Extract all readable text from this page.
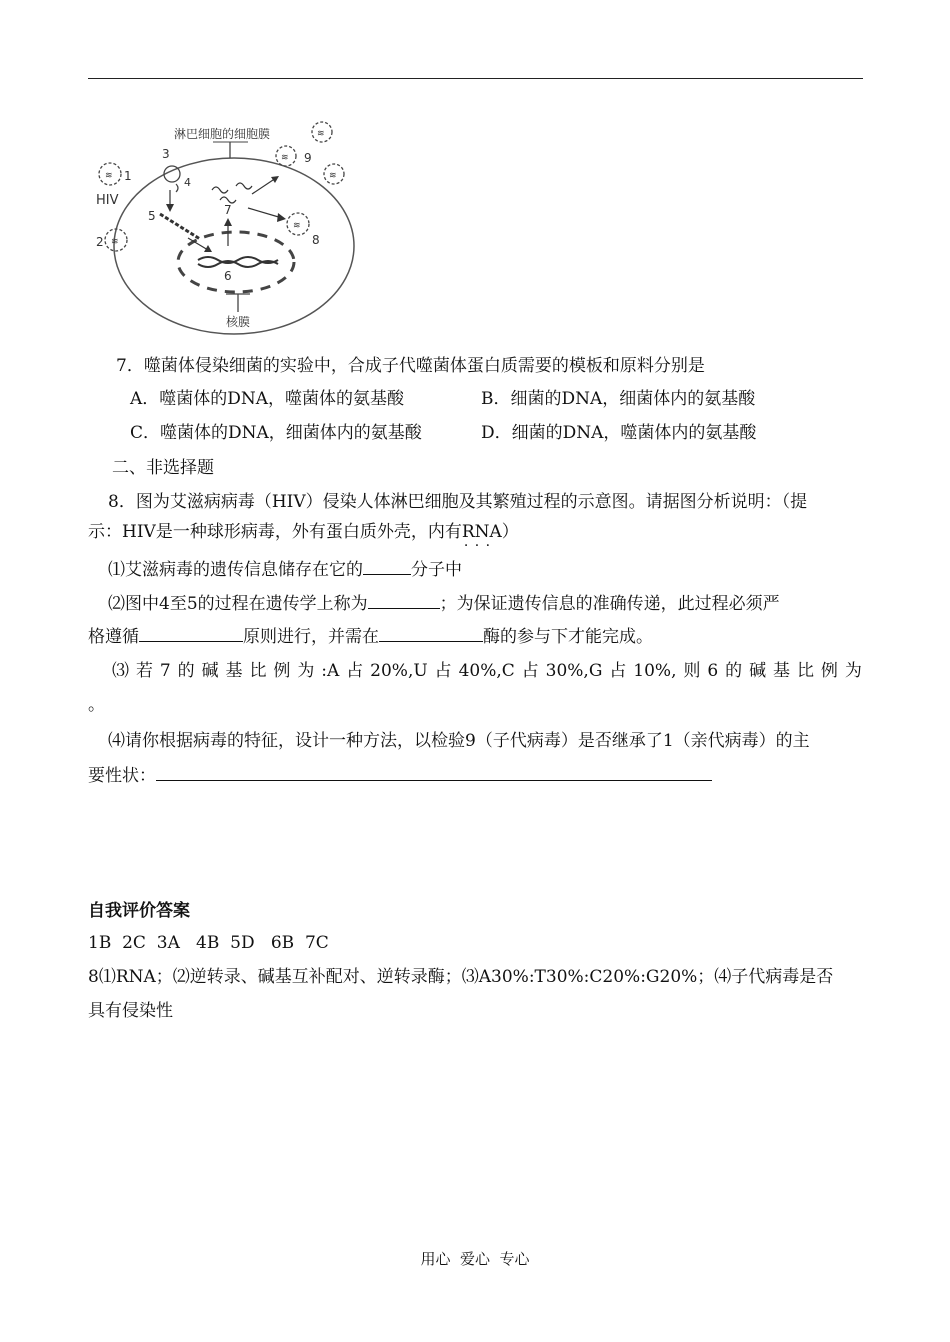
淋巴细胞的细胞膜
核膜
6
7
3
4
5
≋ 1
HIV
≋
2
≋
≋
≋
9
≋
8
7．噬菌体侵染细菌的实验中，合成子代噬菌体蛋白质需要的模板和原料分别是
A．噬菌体的DNA，噬菌体的氨基酸	B．细菌的DNA，细菌体内的氨基酸
C．噬菌体的DNA，细菌体内的氨基酸	D．细菌的DNA，噬菌体内的氨基酸
二、非选择题
8．图为艾滋病病毒（HIV）侵染人体淋巴细胞及其繁殖过程的示意图。请据图分析说明：（提
示：HIV是一种球形病毒，外有蛋白质外壳，内有RNA · · ·）
⑴艾滋病毒的遗传信息储存在它的	分子中
⑵图中4至5的过程在遗传学上称为	；为保证遗传信息的准确传递，此过程必须严
格遵循	原则进行，并需在	酶的参与下才能完成。
⑶ 若 7 的 碱 基 比 例 为 :A 占 20%,U 占 40%,C 占 30%,G 占 10%, 则 6 的 碱 基 比 例 为
。
⑷请你根据病毒的特征，设计一种方法，以检验9（子代病毒）是否继承了1（亲代病毒）的主
要性状：
自我评价答案
1B  2C  3A   4B  5D   6B  7C
8⑴RNA；⑵逆转录、碱基互补配对、逆转录酶；⑶A30%:T30%:C20%:G20%；⑷子代病毒是否
具有侵染性
用心  爱心  专心
